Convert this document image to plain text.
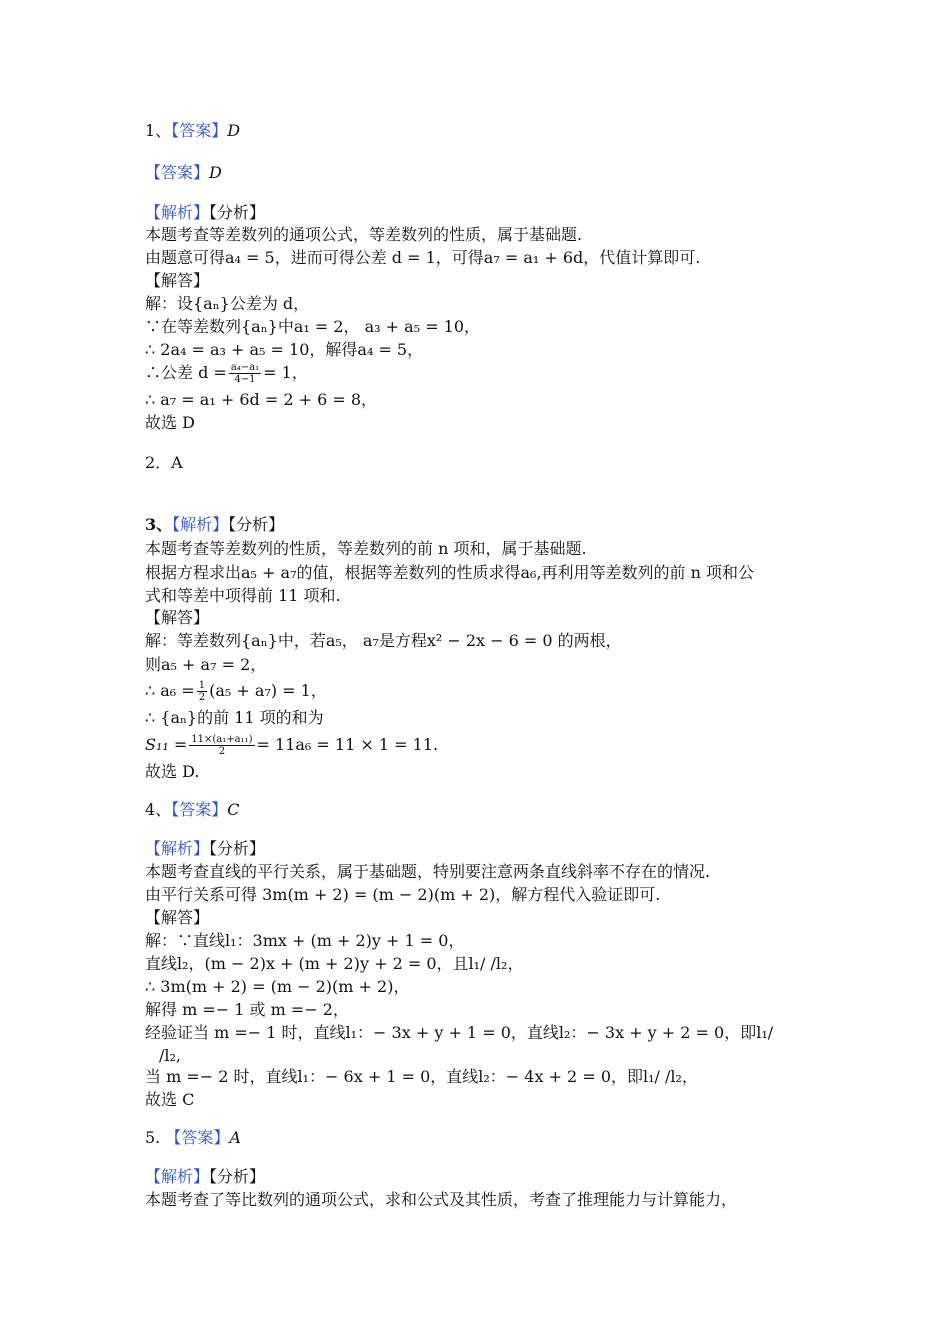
1、【答案】D
【答案】D
【解析】【分析】
本题考查等差数列的通项公式，等差数列的性质，属于基础题.
由题意可得a₄ = 5，进而可得公差 d = 1，可得a₇ = a₁ + 6d，代值计算即可.
【解答】
解：设{aₙ}公差为 d，
∵在等差数列{aₙ}中a₁ = 2， a₃ + a₅ = 10，
∴ 2a₄ = a₃ + a₅ = 10，解得a₄ = 5，
∴公差 $d = \frac{\text{a₄−a₁}}{4-1} = 1$，
∴ a₇ = a₁ + 6d = 2 + 6 = 8，
故选 D
2．A
3、【解析】【分析】
本题考查等差数列的性质，等差数列的前 n 项和，属于基础题.
根据方程求出a₅ + a₇的值，根据等差数列的性质求得a₆,再利用等差数列的前 n 项和公
式和等差中项得前 11 项和.
【解答】
解：等差数列{aₙ}中，若a₅， a₇是方程x² − 2x − 6 = 0 的两根，
则a₅ + a₇ = 2，
∴ $a_6 = \frac{1}{2} (a_5 + a_7) = 1$，
∴ {aₙ}的前 11 项的和为
$S_{11} = \frac{\text{11×(a₁+a₁₁)}}{2} = 11a_6 = 11 \times 1 = 11$.
故选 D.
4、【答案】C
【解析】【分析】
本题考查直线的平行关系，属于基础题，特别要注意两条直线斜率不存在的情况.
由平行关系可得 3m(m + 2) = (m − 2)(m + 2)，解方程代入验证即可.
【解答】
解：∵直线l₁：3mx + (m + 2)y + 1 = 0，
直线l₂，(m − 2)x + (m + 2)y + 2 = 0，且l₁/ /l₂，
∴ 3m(m + 2) = (m − 2)(m + 2)，
解得 m =− 1 或 m =− 2，
经验证当 m =− 1 时，直线l₁：− 3x + y + 1 = 0，直线l₂：− 3x + y + 2 = 0，即l₁/
/l₂,
当 m =− 2 时，直线l₁：− 6x + 1 = 0，直线l₂：− 4x + 2 = 0，即l₁/ /l₂，
故选 C
5. 【答案】A
【解析】【分析】
本题考查了等比数列的通项公式，求和公式及其性质，考查了推理能力与计算能力，
